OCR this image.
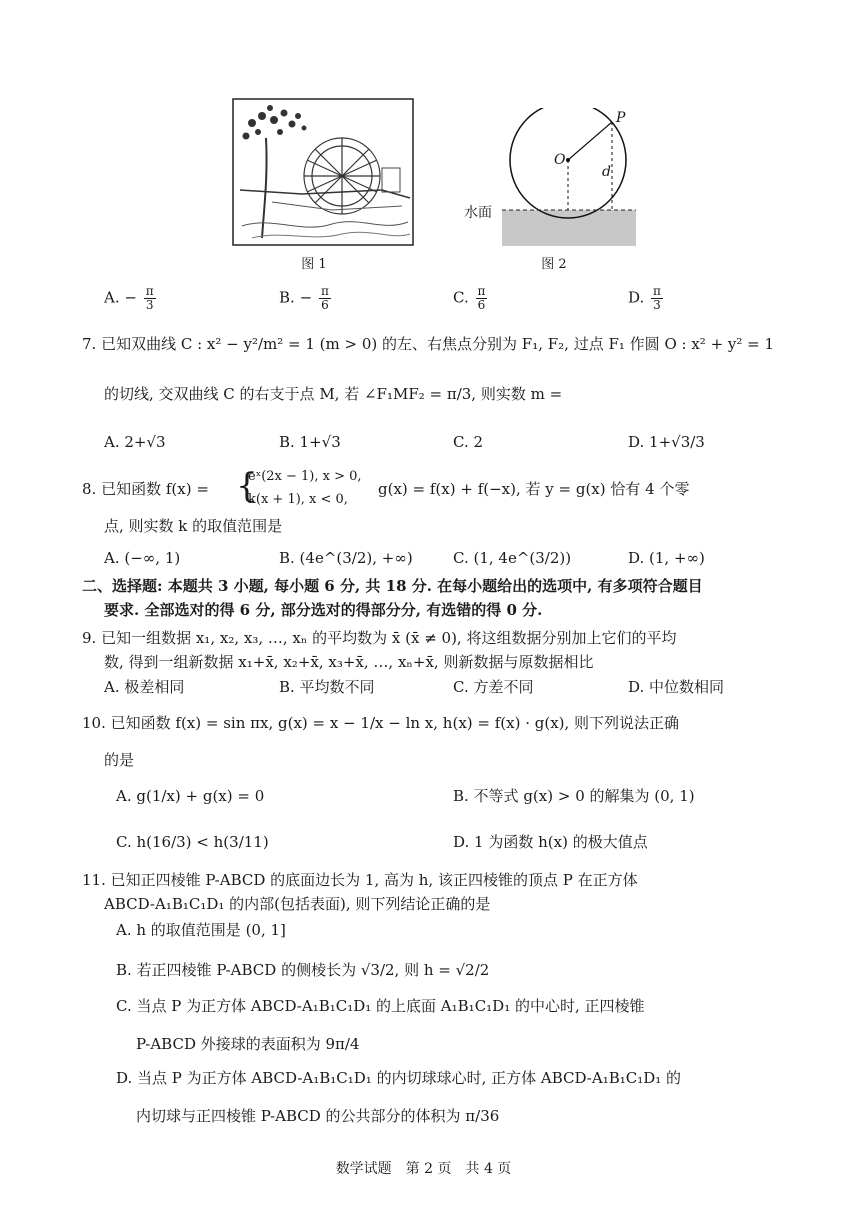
图 1
P
O
d
水面
图 2
A. − $\frac{\pi}{3}$	B. − $\frac{\pi}{6}$	C. $\frac{\pi}{6}$	D. $\frac{\pi}{3}$
7. 已知双曲线 C : x² − y²/m² = 1 (m > 0) 的左、右焦点分别为 F₁, F₂, 过点 F₁ 作圆 O : x² + y² = 1
的切线, 交双曲线 C 的右支于点 M, 若 ∠F₁MF₂ = π/3, 则实数 m =
A. 2+√3	B. 1+√3	C. 2	D. 1+√3/3
8. 已知函数 f(x) = {
eˣ(2x − 1), x > 0,
k(x + 1), x < 0,
g(x) = f(x) + f(−x), 若 y = g(x) 恰有 4 个零
点, 则实数 k 的取值范围是
A. (−∞, 1)	B. (4e^(3/2), +∞)	C. (1, 4e^(3/2))	D. (1, +∞)
二、选择题: 本题共 3 小题, 每小题 6 分, 共 18 分. 在每小题给出的选项中, 有多项符合题目
要求. 全部选对的得 6 分, 部分选对的得部分分, 有选错的得 0 分.
9. 已知一组数据 x₁, x₂, x₃, …, xₙ 的平均数为 x̄ (x̄ ≠ 0), 将这组数据分别加上它们的平均
数, 得到一组新数据 x₁+x̄, x₂+x̄, x₃+x̄, …, xₙ+x̄, 则新数据与原数据相比
A. 极差相同	B. 平均数不同	C. 方差不同	D. 中位数相同
10. 已知函数 f(x) = sin πx, g(x) = x − 1/x − ln x, h(x) = f(x) · g(x), 则下列说法正确
的是
A. g(1/x) + g(x) = 0	B. 不等式 g(x) > 0 的解集为 (0, 1)
C. h(16/3) < h(3/11)	D. 1 为函数 h(x) 的极大值点
11. 已知正四棱锥 P-ABCD 的底面边长为 1, 高为 h, 该正四棱锥的顶点 P 在正方体
ABCD-A₁B₁C₁D₁ 的内部(包括表面), 则下列结论正确的是
A. h 的取值范围是 (0, 1]
B. 若正四棱锥 P-ABCD 的侧棱长为 √3/2, 则 h = √2/2
C. 当点 P 为正方体 ABCD-A₁B₁C₁D₁ 的上底面 A₁B₁C₁D₁ 的中心时, 正四棱锥
P-ABCD 外接球的表面积为 9π/4
D. 当点 P 为正方体 ABCD-A₁B₁C₁D₁ 的内切球球心时, 正方体 ABCD-A₁B₁C₁D₁ 的
内切球与正四棱锥 P-ABCD 的公共部分的体积为 π/36
数学试题　第 2 页　共 4 页
